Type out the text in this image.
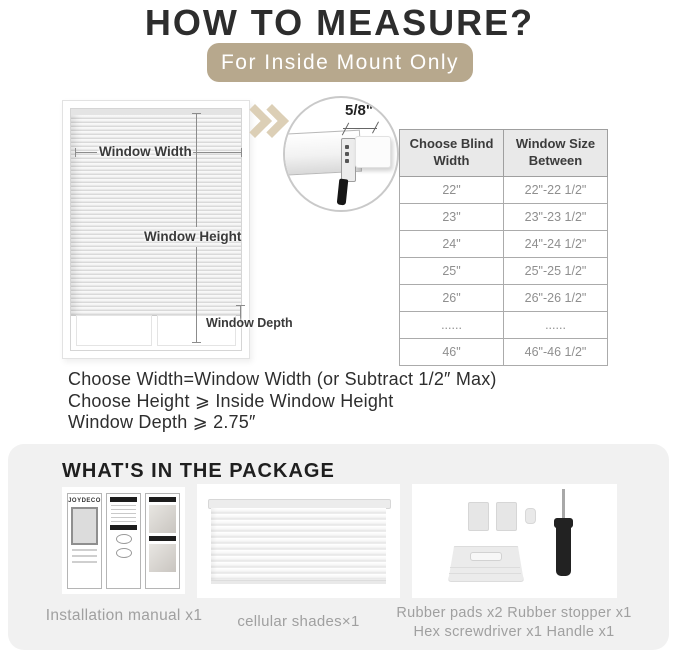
HOW TO MEASURE?
For Inside Mount Only
Window Width
Window Height
Window Depth
5/8"
Choose Blind Width	Window Size Between
22"	22"-22 1/2"
23"	23"-23 1/2"
24"	24"-24 1/2"
25"	25"-25 1/2"
26"	26"-26 1/2"
......	......
46"	46"-46 1/2"
Choose Width=Window Width (or Subtract 1/2″ Max)
Choose Height ⩾ Inside Window Height
Window Depth ⩾ 2.75″
WHAT'S IN THE PACKAGE
JOYDECO
Installation manual x1	cellular shades×1	Rubber pads x2 Rubber stopper x1
Hex screwdriver x1 Handle x1
